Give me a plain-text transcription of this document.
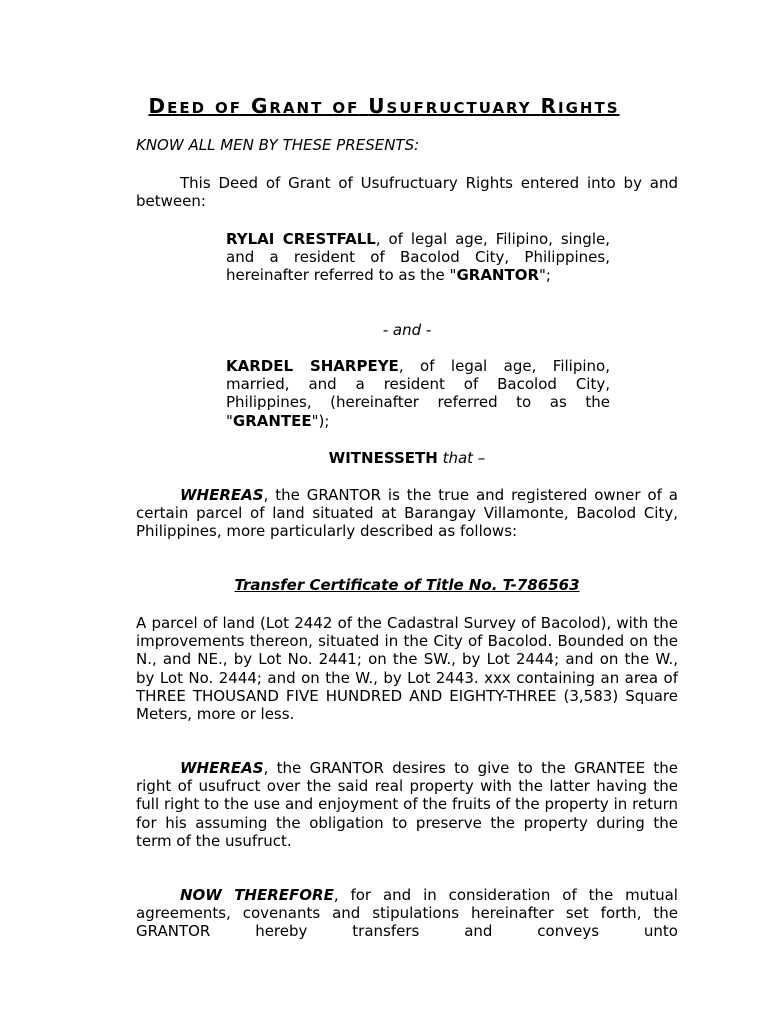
DEED OF GRANT OF USUFRUCTUARY RIGHTS
KNOW ALL MEN BY THESE PRESENTS:
This Deed of Grant of Usufructuary Rights entered into by and between:
RYLAI CRESTFALL, of legal age, Filipino, single, and a resident of Bacolod City, Philippines, hereinafter referred to as the "GRANTOR";
- and -
KARDEL SHARPEYE, of legal age, Filipino, married, and a resident of Bacolod City, Philippines, (hereinafter referred to as the "GRANTEE");
WITNESSETH that –
WHEREAS, the GRANTOR is the true and registered owner of a certain parcel of land situated at Barangay Villamonte, Bacolod City, Philippines, more particularly described as follows:
Transfer Certificate of Title No. T-786563
A parcel of land (Lot 2442 of the Cadastral Survey of Bacolod), with the improvements thereon, situated in the City of Bacolod. Bounded on the N., and NE., by Lot No. 2441; on the SW., by Lot 2444; and on the W., by Lot No. 2444; and on the W., by Lot 2443. xxx containing an area of THREE THOUSAND FIVE HUNDRED AND EIGHTY-THREE (3,583) Square Meters, more or less.
WHEREAS, the GRANTOR desires to give to the GRANTEE the right of usufruct over the said real property with the latter having the full right to the use and enjoyment of the fruits of the property in return for his assuming the obligation to preserve the property during the term of the usufruct.
NOW THEREFORE, for and in consideration of the mutual agreements, covenants and stipulations hereinafter set forth, the GRANTOR hereby transfers and conveys unto
